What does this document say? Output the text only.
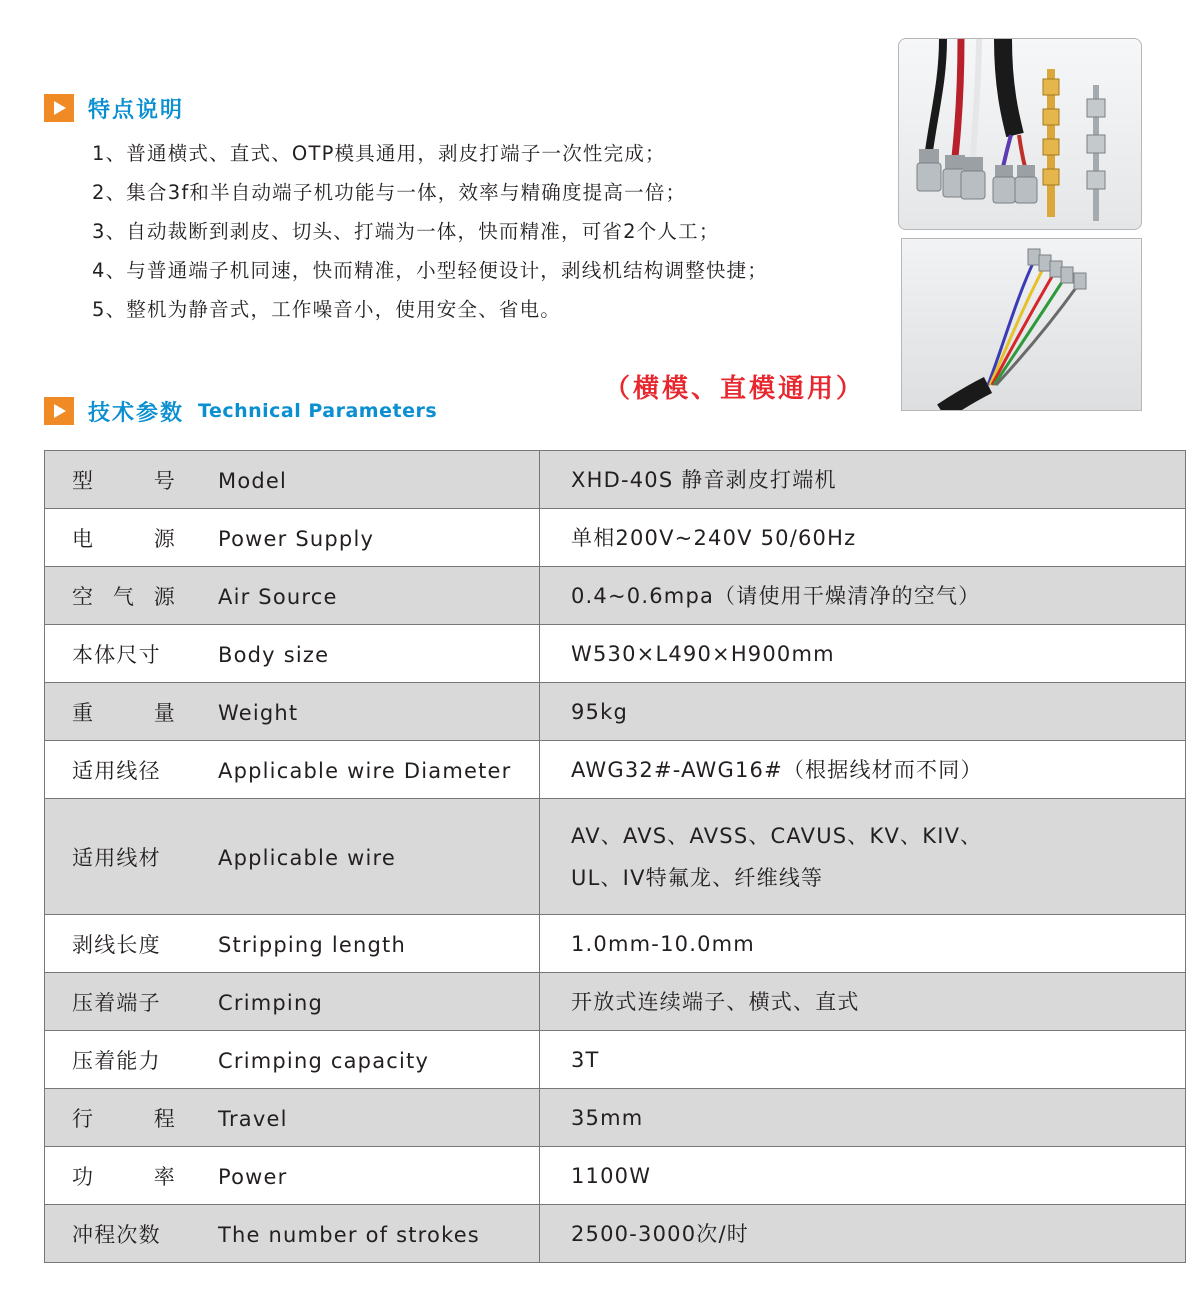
特点说明
1、普通横式、直式、OTP模具通用，剥皮打端子一次性完成；
2、集合3f和半自动端子机功能与一体，效率与精确度提高一倍；
3、自动裁断到剥皮、切头、打端为一体，快而精准，可省2个人工；
4、与普通端子机同速，快而精准，小型轻便设计，剥线机结构调整快捷；
5、整机为静音式，工作噪音小，使用安全、省电。
（横模、直模通用）
技术参数 Technical Parameters
型号 Model	XHD-40S 静音剥皮打端机

电源 Power Supply	单相200V~240V 50/60Hz

空气源 Air Source	0.4~0.6mpa（请使用干燥清净的空气）

本体尺寸 Body size	W530×L490×H900mm

重量 Weight	95kg

适用线径 Applicable wire Diameter	AWG32#-AWG16#（根据线材而不同）

适用线材 Applicable wire	AV、AVS、AVSS、CAVUS、KV、KIV、
UL、IV特氟龙、纤维线等

剥线长度 Stripping length	1.0mm-10.0mm

压着端子 Crimping	开放式连续端子、横式、直式

压着能力 Crimping capacity	3T

行程 Travel	35mm

功率 Power	1100W

冲程次数 The number of strokes	2500-3000次/时
